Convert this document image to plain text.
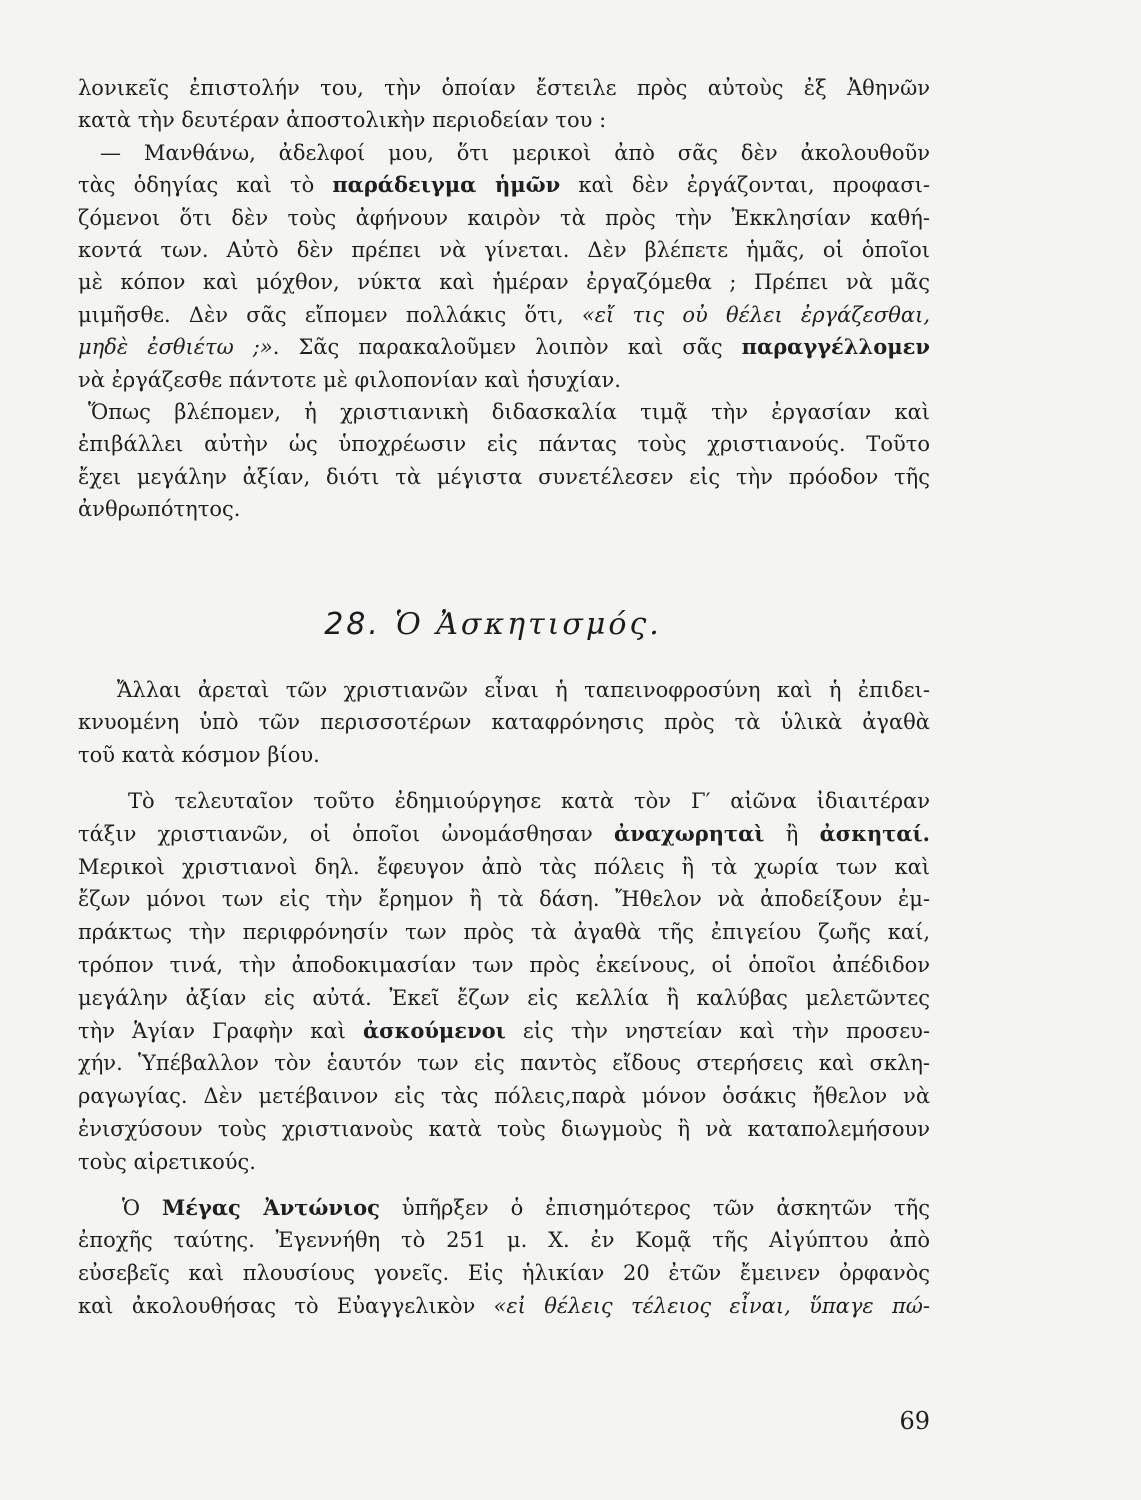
λονικεῖς ἐπιστολήν του, τὴν ὁποίαν ἔστειλε πρὸς αὐτοὺς ἐξ Ἀθηνῶν
κατὰ τὴν δευτέραν ἀποστολικὴν περιοδείαν του :
— Μανθάνω, ἀδελφοί μου, ὅτι μερικοὶ ἀπὸ σᾶς δὲν ἀκολουθοῦν
τὰς ὁδηγίας καὶ τὸ παράδειγμα ἡμῶν καὶ δὲν ἐργάζονται, προφασι-
ζόμενοι ὅτι δὲν τοὺς ἀφήνουν καιρὸν τὰ πρὸς τὴν Ἐκκλησίαν καθή-
κοντά των. Αὐτὸ δὲν πρέπει νὰ γίνεται. Δὲν βλέπετε ἡμᾶς, οἱ ὁποῖοι
μὲ κόπον καὶ μόχθον, νύκτα καὶ ἡμέραν ἐργαζόμεθα ; Πρέπει νὰ μᾶς
μιμῆσθε. Δὲν σᾶς εἴπομεν πολλάκις ὅτι, «εἴ τις οὐ θέλει ἐργάζεσθαι,
μηδὲ ἐσθιέτω ;». Σᾶς παρακαλοῦμεν λοιπὸν καὶ σᾶς παραγγέλλομεν
νὰ ἐργάζεσθε πάντοτε μὲ φιλοπονίαν καὶ ἡσυχίαν.
Ὅπως βλέπομεν, ἡ χριστιανικὴ διδασκαλία τιμᾷ τὴν ἐργασίαν καὶ
ἐπιβάλλει αὐτὴν ὡς ὑποχρέωσιν εἰς πάντας τοὺς χριστιανούς. Τοῦτο
ἔχει μεγάλην ἀξίαν, διότι τὰ μέγιστα συνετέλεσεν εἰς τὴν πρόοδον τῆς
ἀνθρωπότητος.
28. Ὁ Ἀσκητισμός.
Ἄλλαι ἀρεταὶ τῶν χριστιανῶν εἶναι ἡ ταπεινοφροσύνη καὶ ἡ ἐπιδει-
κνυομένη ὑπὸ τῶν περισσοτέρων καταφρόνησις πρὸς τὰ ὑλικὰ ἀγαθὰ
τοῦ κατὰ κόσμον βίου.
Τὸ τελευταῖον τοῦτο ἐδημιούργησε κατὰ τὸν Γ′ αἰῶνα ἰδιαιτέραν
τάξιν χριστιανῶν, οἱ ὁποῖοι ὠνομάσθησαν ἀναχωρηταὶ ἢ ἀσκηταί.
Μερικοὶ χριστιανοὶ δηλ. ἔφευγον ἀπὸ τὰς πόλεις ἢ τὰ χωρία των καὶ
ἔζων μόνοι των εἰς τὴν ἔρημον ἢ τὰ δάση. Ἤθελον νὰ ἀποδείξουν ἐμ-
πράκτως τὴν περιφρόνησίν των πρὸς τὰ ἀγαθὰ τῆς ἐπιγείου ζωῆς καί,
τρόπον τινά, τὴν ἀποδοκιμασίαν των πρὸς ἐκείνους, οἱ ὁποῖοι ἀπέδιδον
μεγάλην ἀξίαν εἰς αὐτά. Ἐκεῖ ἔζων εἰς κελλία ἢ καλύβας μελετῶντες
τὴν Ἁγίαν Γραφὴν καὶ ἀσκούμενοι εἰς τὴν νηστείαν καὶ τὴν προσευ-
χήν. Ὑπέβαλλον τὸν ἑαυτόν των εἰς παντὸς εἴδους στερήσεις καὶ σκλη-
ραγωγίας. Δὲν μετέβαινον εἰς τὰς πόλεις,παρὰ μόνον ὁσάκις ἤθελον νὰ
ἐνισχύσουν τοὺς χριστιανοὺς κατὰ τοὺς διωγμοὺς ἢ νὰ καταπολεμήσουν
τοὺς αἱρετικούς.
Ὁ Μέγας Ἀντώνιος ὑπῆρξεν ὁ ἐπισημότερος τῶν ἀσκητῶν τῆς
ἐποχῆς ταύτης. Ἐγεννήθη τὸ 251 μ. Χ. ἐν Κομᾷ τῆς Αἰγύπτου ἀπὸ
εὐσεβεῖς καὶ πλουσίους γονεῖς. Εἰς ἡλικίαν 20 ἐτῶν ἔμεινεν ὀρφανὸς
καὶ ἀκολουθήσας τὸ Εὐαγγελικὸν «εἰ θέλεις τέλειος εἶναι, ὕπαγε πώ-
69
